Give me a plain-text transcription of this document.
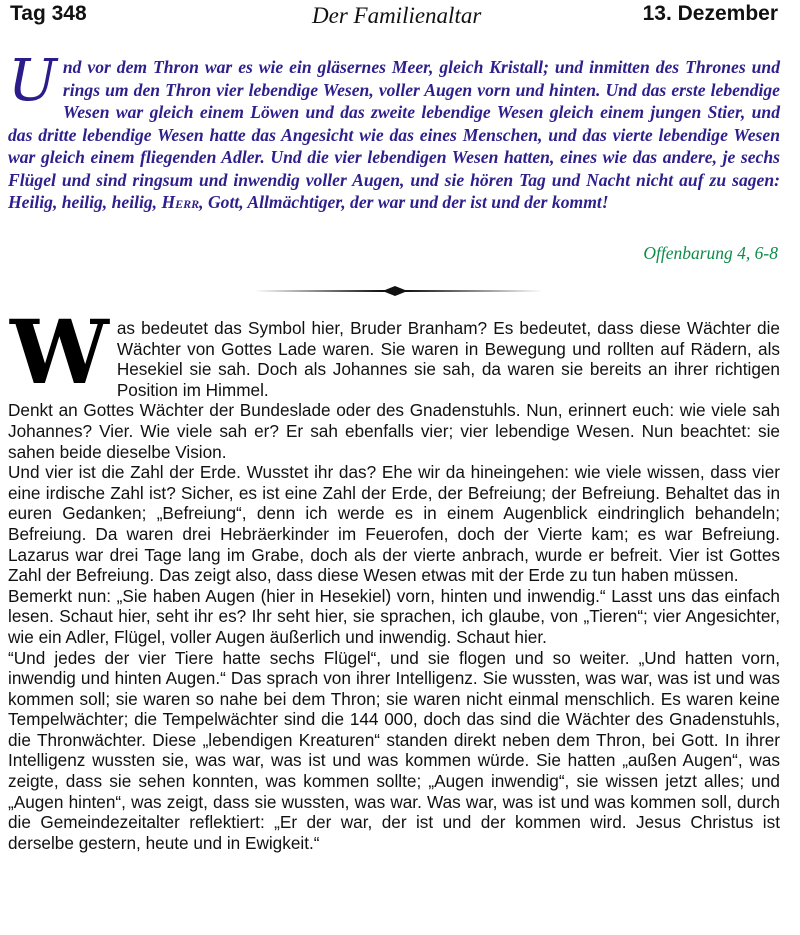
Tag 348	Der Familienaltar	13. Dezember
Und vor dem Thron war es wie ein gläsernes Meer, gleich Kristall; und inmitten des Thrones und rings um den Thron vier lebendige Wesen, voller Augen vorn und hinten. Und das erste lebendige Wesen war gleich einem Löwen und das zweite lebendige Wesen gleich einem jungen Stier, und das dritte lebendige Wesen hatte das Angesicht wie das eines Menschen, und das vierte lebendige Wesen war gleich einem fliegenden Adler. Und die vier lebendigen Wesen hatten, eines wie das andere, je sechs Flügel und sind ringsum und inwendig voller Augen, und sie hören Tag und Nacht nicht auf zu sagen: Heilig, heilig, heilig, Herr, Gott, Allmächtiger, der war und der ist und der kommt!
Offenbarung 4, 6-8
W as bedeutet das Symbol hier, Bruder Branham? Es bedeutet, dass diese Wächter die Wächter von Gottes Lade waren. Sie waren in Bewegung und rollten auf Rädern, als Hesekiel sie sah. Doch als Johannes sie sah, da waren sie bereits an ihrer richtigen Position im Himmel.

Denkt an Gottes Wächter der Bundeslade oder des Gnadenstuhls. Nun, erinnert euch: wie viele sah Johannes? Vier. Wie viele sah er? Er sah ebenfalls vier; vier lebendige Wesen. Nun beachtet: sie sahen beide dieselbe Vision.

Und vier ist die Zahl der Erde. Wusstet ihr das? Ehe wir da hineingehen: wie viele wissen, dass vier eine irdische Zahl ist? Sicher, es ist eine Zahl der Erde, der Befreiung; der Befreiung. Behaltet das in euren Gedanken; „Befreiung“, denn ich werde es in einem Augenblick eindringlich behandeln; Befreiung. Da waren drei Hebräerkinder im Feuerofen, doch der Vierte kam; es war Befreiung. Lazarus war drei Tage lang im Grabe, doch als der vierte anbrach, wurde er befreit. Vier ist Gottes Zahl der Befreiung. Das zeigt also, dass diese Wesen etwas mit der Erde zu tun haben müssen.

Bemerkt nun: „Sie haben Augen (hier in Hesekiel) vorn, hinten und inwendig.“ Lasst uns das einfach lesen. Schaut hier, seht ihr es? Ihr seht hier, sie sprachen, ich glaube, von „Tieren“; vier Angesichter, wie ein Adler, Flügel, voller Augen äußerlich und inwendig. Schaut hier.

“Und jedes der vier Tiere hatte sechs Flügel“, und sie flogen und so weiter. „Und hatten vorn, inwendig und hinten Augen.“ Das sprach von ihrer Intelligenz. Sie wussten, was war, was ist und was kommen soll; sie waren so nahe bei dem Thron; sie waren nicht einmal menschlich. Es waren keine Tempelwächter; die Tempelwächter sind die 144 000, doch das sind die Wächter des Gnadenstuhls, die Thronwächter. Diese „lebendigen Kreaturen“ standen direkt neben dem Thron, bei Gott. In ihrer Intelligenz wussten sie, was war, was ist und was kommen würde. Sie hatten „außen Augen“, was zeigte, dass sie sehen konnten, was kommen sollte; „Augen inwendig“, sie wissen jetzt alles; und „Augen hinten“, was zeigt, dass sie wussten, was war. Was war, was ist und was kommen soll, durch die Gemeindezeitalter reflektiert: „Er der war, der ist und der kommen wird. Jesus Christus ist derselbe gestern, heute und in Ewigkeit.“
